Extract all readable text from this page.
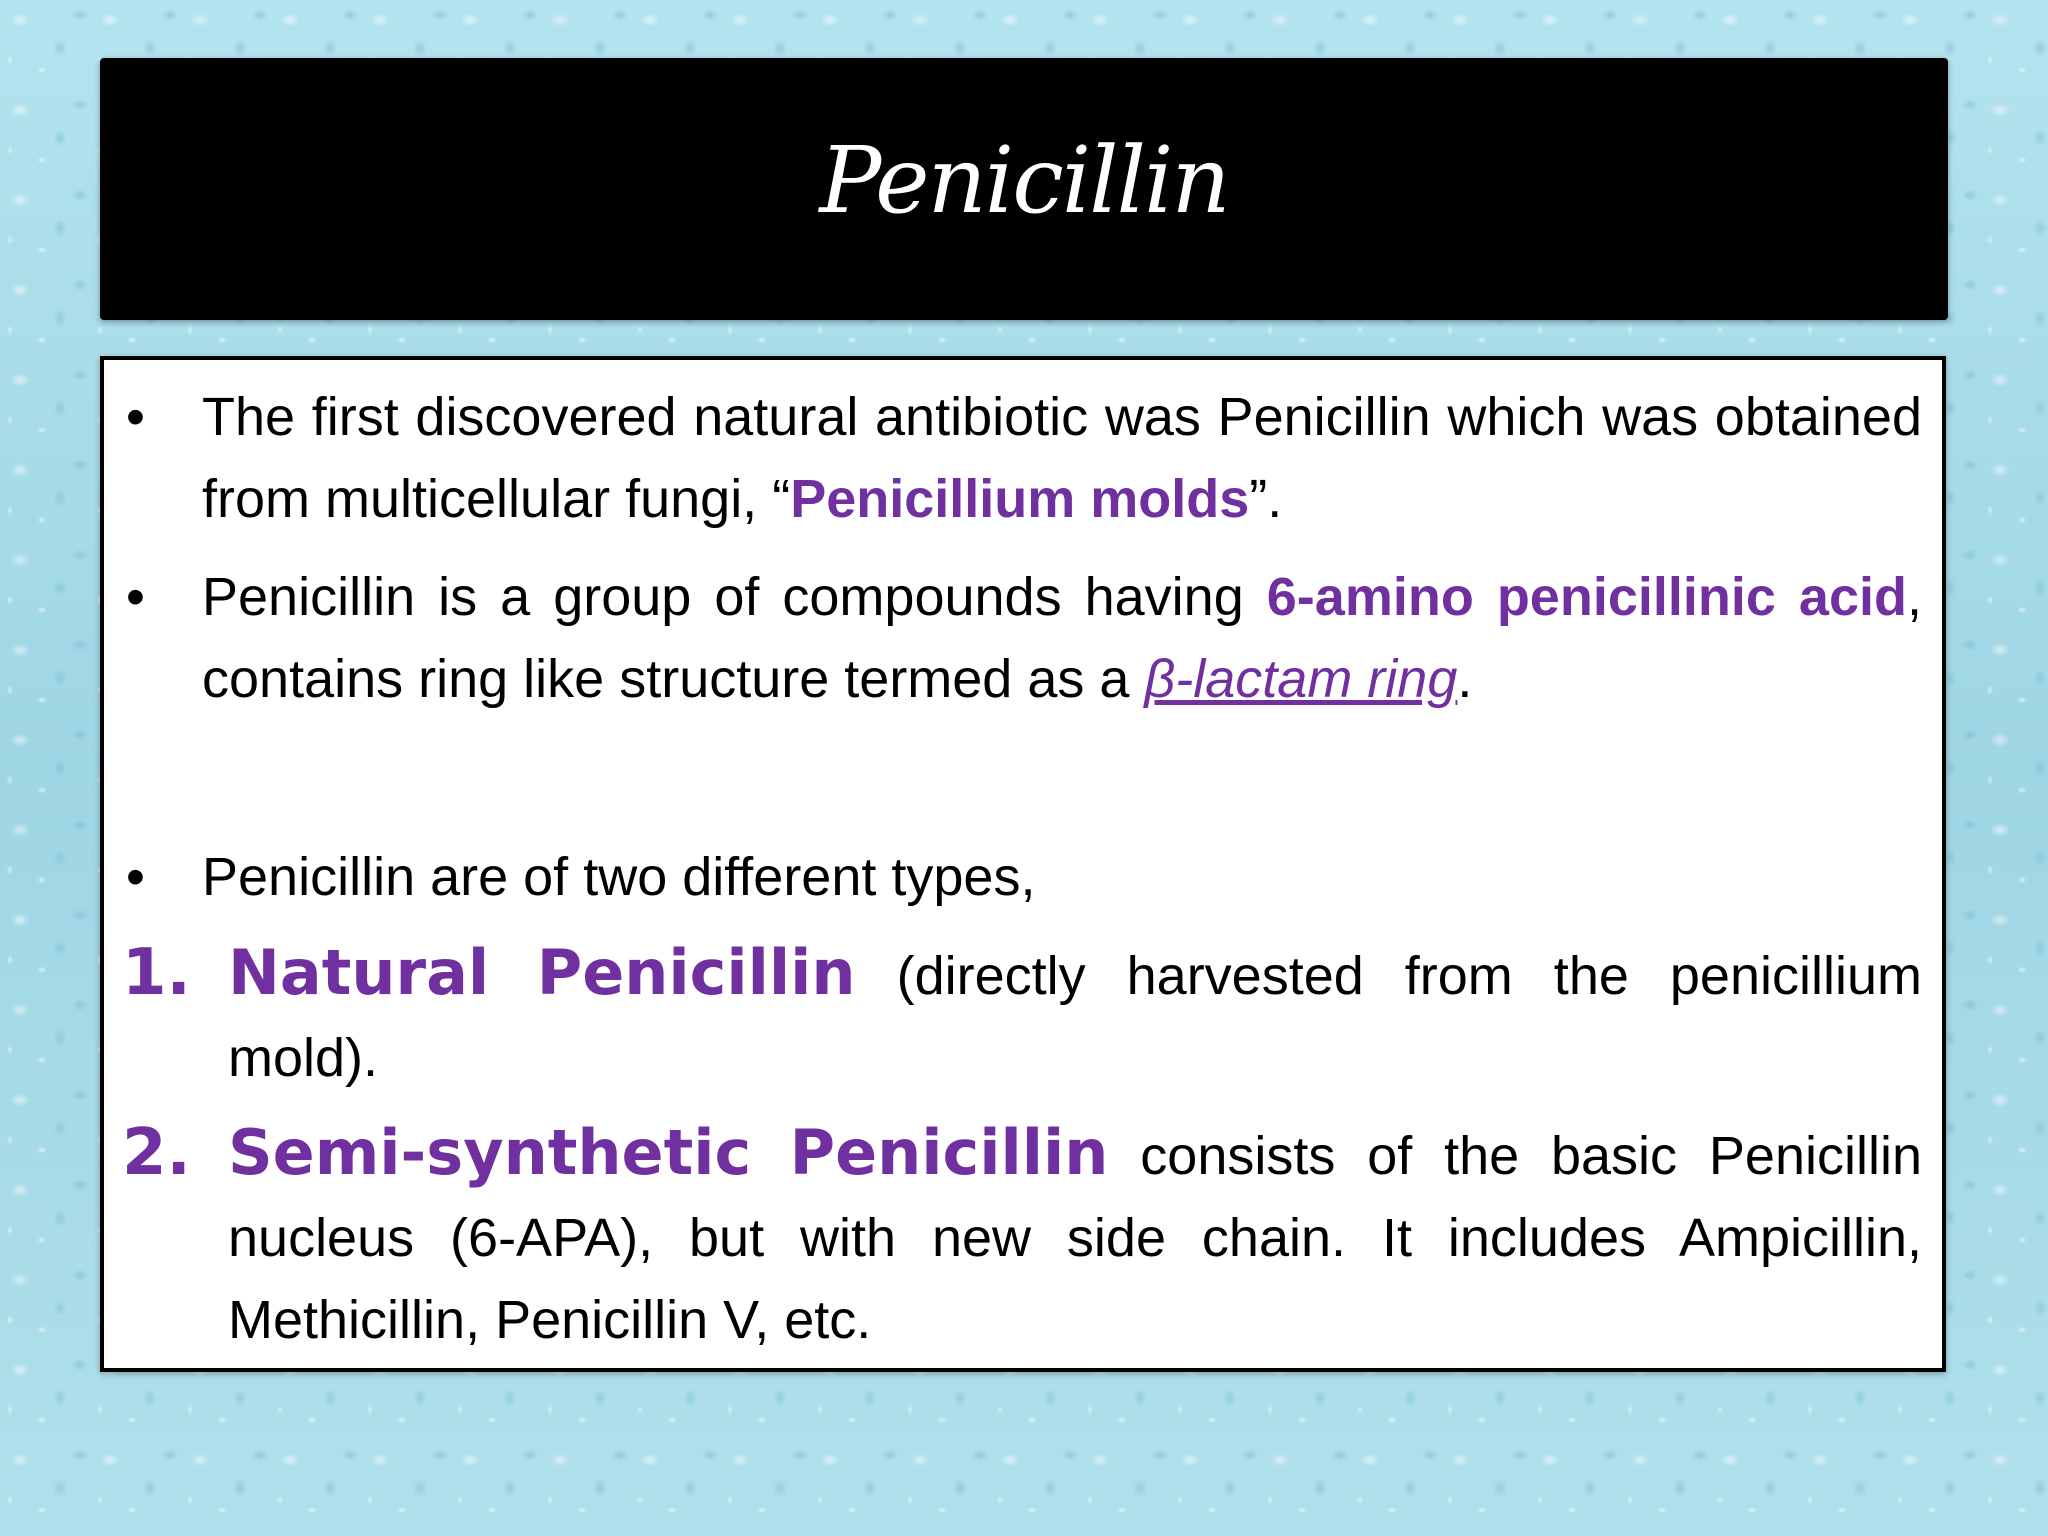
Penicillin
• The first discovered natural antibiotic was Penicillin which was obtained from multicellular fungi, “Penicillium molds”.
• Penicillin is a group of compounds having 6-amino penicillinic acid, contains ring like structure termed as a β-lactam ring.
• Penicillin are of two different types,
1. Natural Penicillin (directly harvested from the penicillium mold).
2. Semi-synthetic Penicillin consists of the basic Penicillin nucleus (6-APA), but with new side chain. It includes Ampicillin, Methicillin, Penicillin V, etc.
